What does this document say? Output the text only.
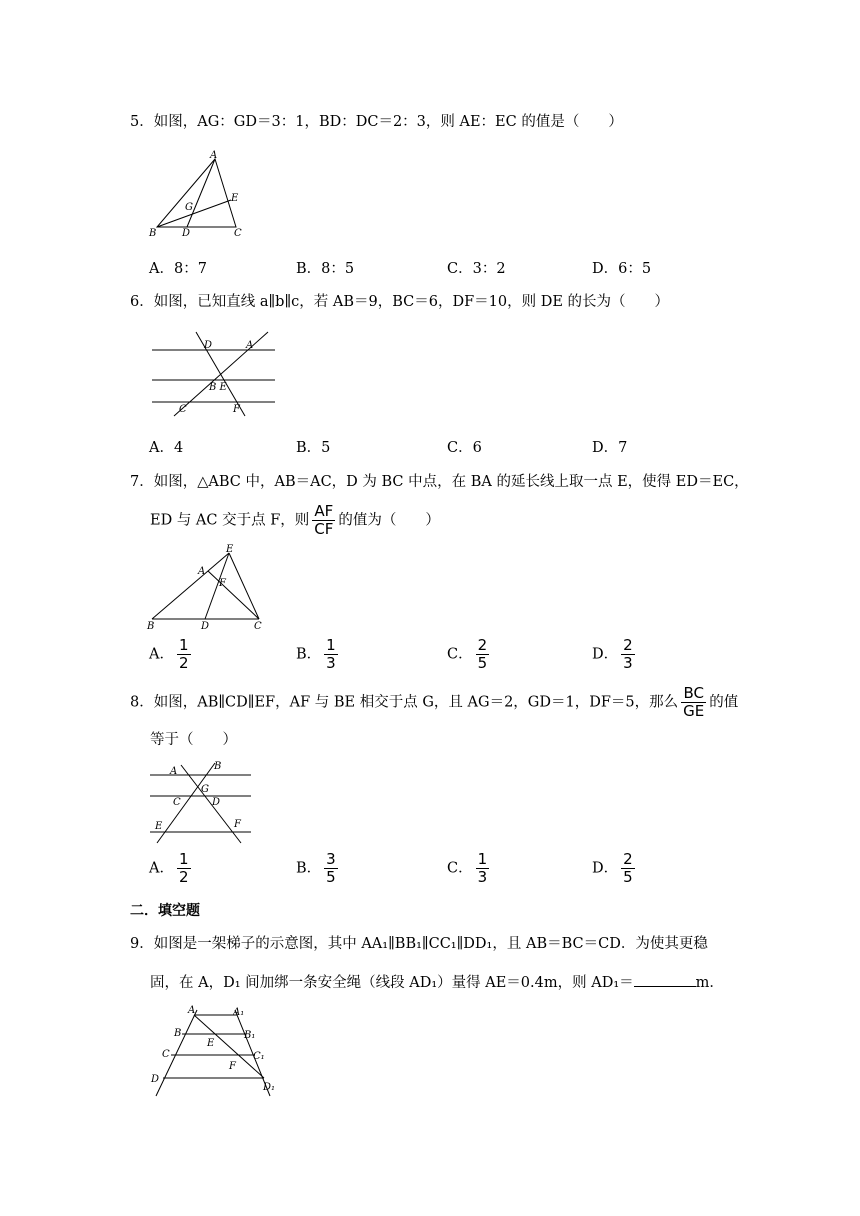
5．如图，AG：GD＝3：1，BD：DC＝2：3，则 AE：EC 的值是（　　）
A
B	C
D
E
G
A．8：7	B．8：5	C．3：2	D．6：5
6．如图，已知直线 a∥b∥c，若 AB＝9，BC＝6，DF＝10，则 DE 的长为（　　）
D	A
B E
C	F
A．4	B．5	C．6	D．7
7．如图，△ABC 中，AB＝AC，D 为 BC 中点，在 BA 的延长线上取一点 E，使得 ED＝EC，
ED 与 AC 交于点 F，则 $\frac{AF}{CF}$ 的值为（　　）
E
A
F
B	D	C
A． $\frac{1}{2}$	B． $\frac{1}{3}$	C． $\frac{2}{5}$	D． $\frac{2}{3}$
8．如图，AB∥CD∥EF，AF 与 BE 相交于点 G，且 AG＝2，GD＝1，DF＝5，那么 $\frac{BC}{GE}$ 的值
等于（　　）
A	B
C
G
D
E	F
A． $\frac{1}{2}$	B． $\frac{3}{5}$	C． $\frac{1}{3}$	D． $\frac{2}{5}$
二．填空题
9．如图是一架梯子的示意图，其中 AA₁∥BB₁∥CC₁∥DD₁，且 AB＝BC＝CD．为使其更稳
固，在 A，D₁ 间加绑一条安全绳（线段 AD₁）量得 AE＝0.4m，则 AD₁＝	m．
A	A₁
B	B₁
E
C	C₁
F
D
D₁
